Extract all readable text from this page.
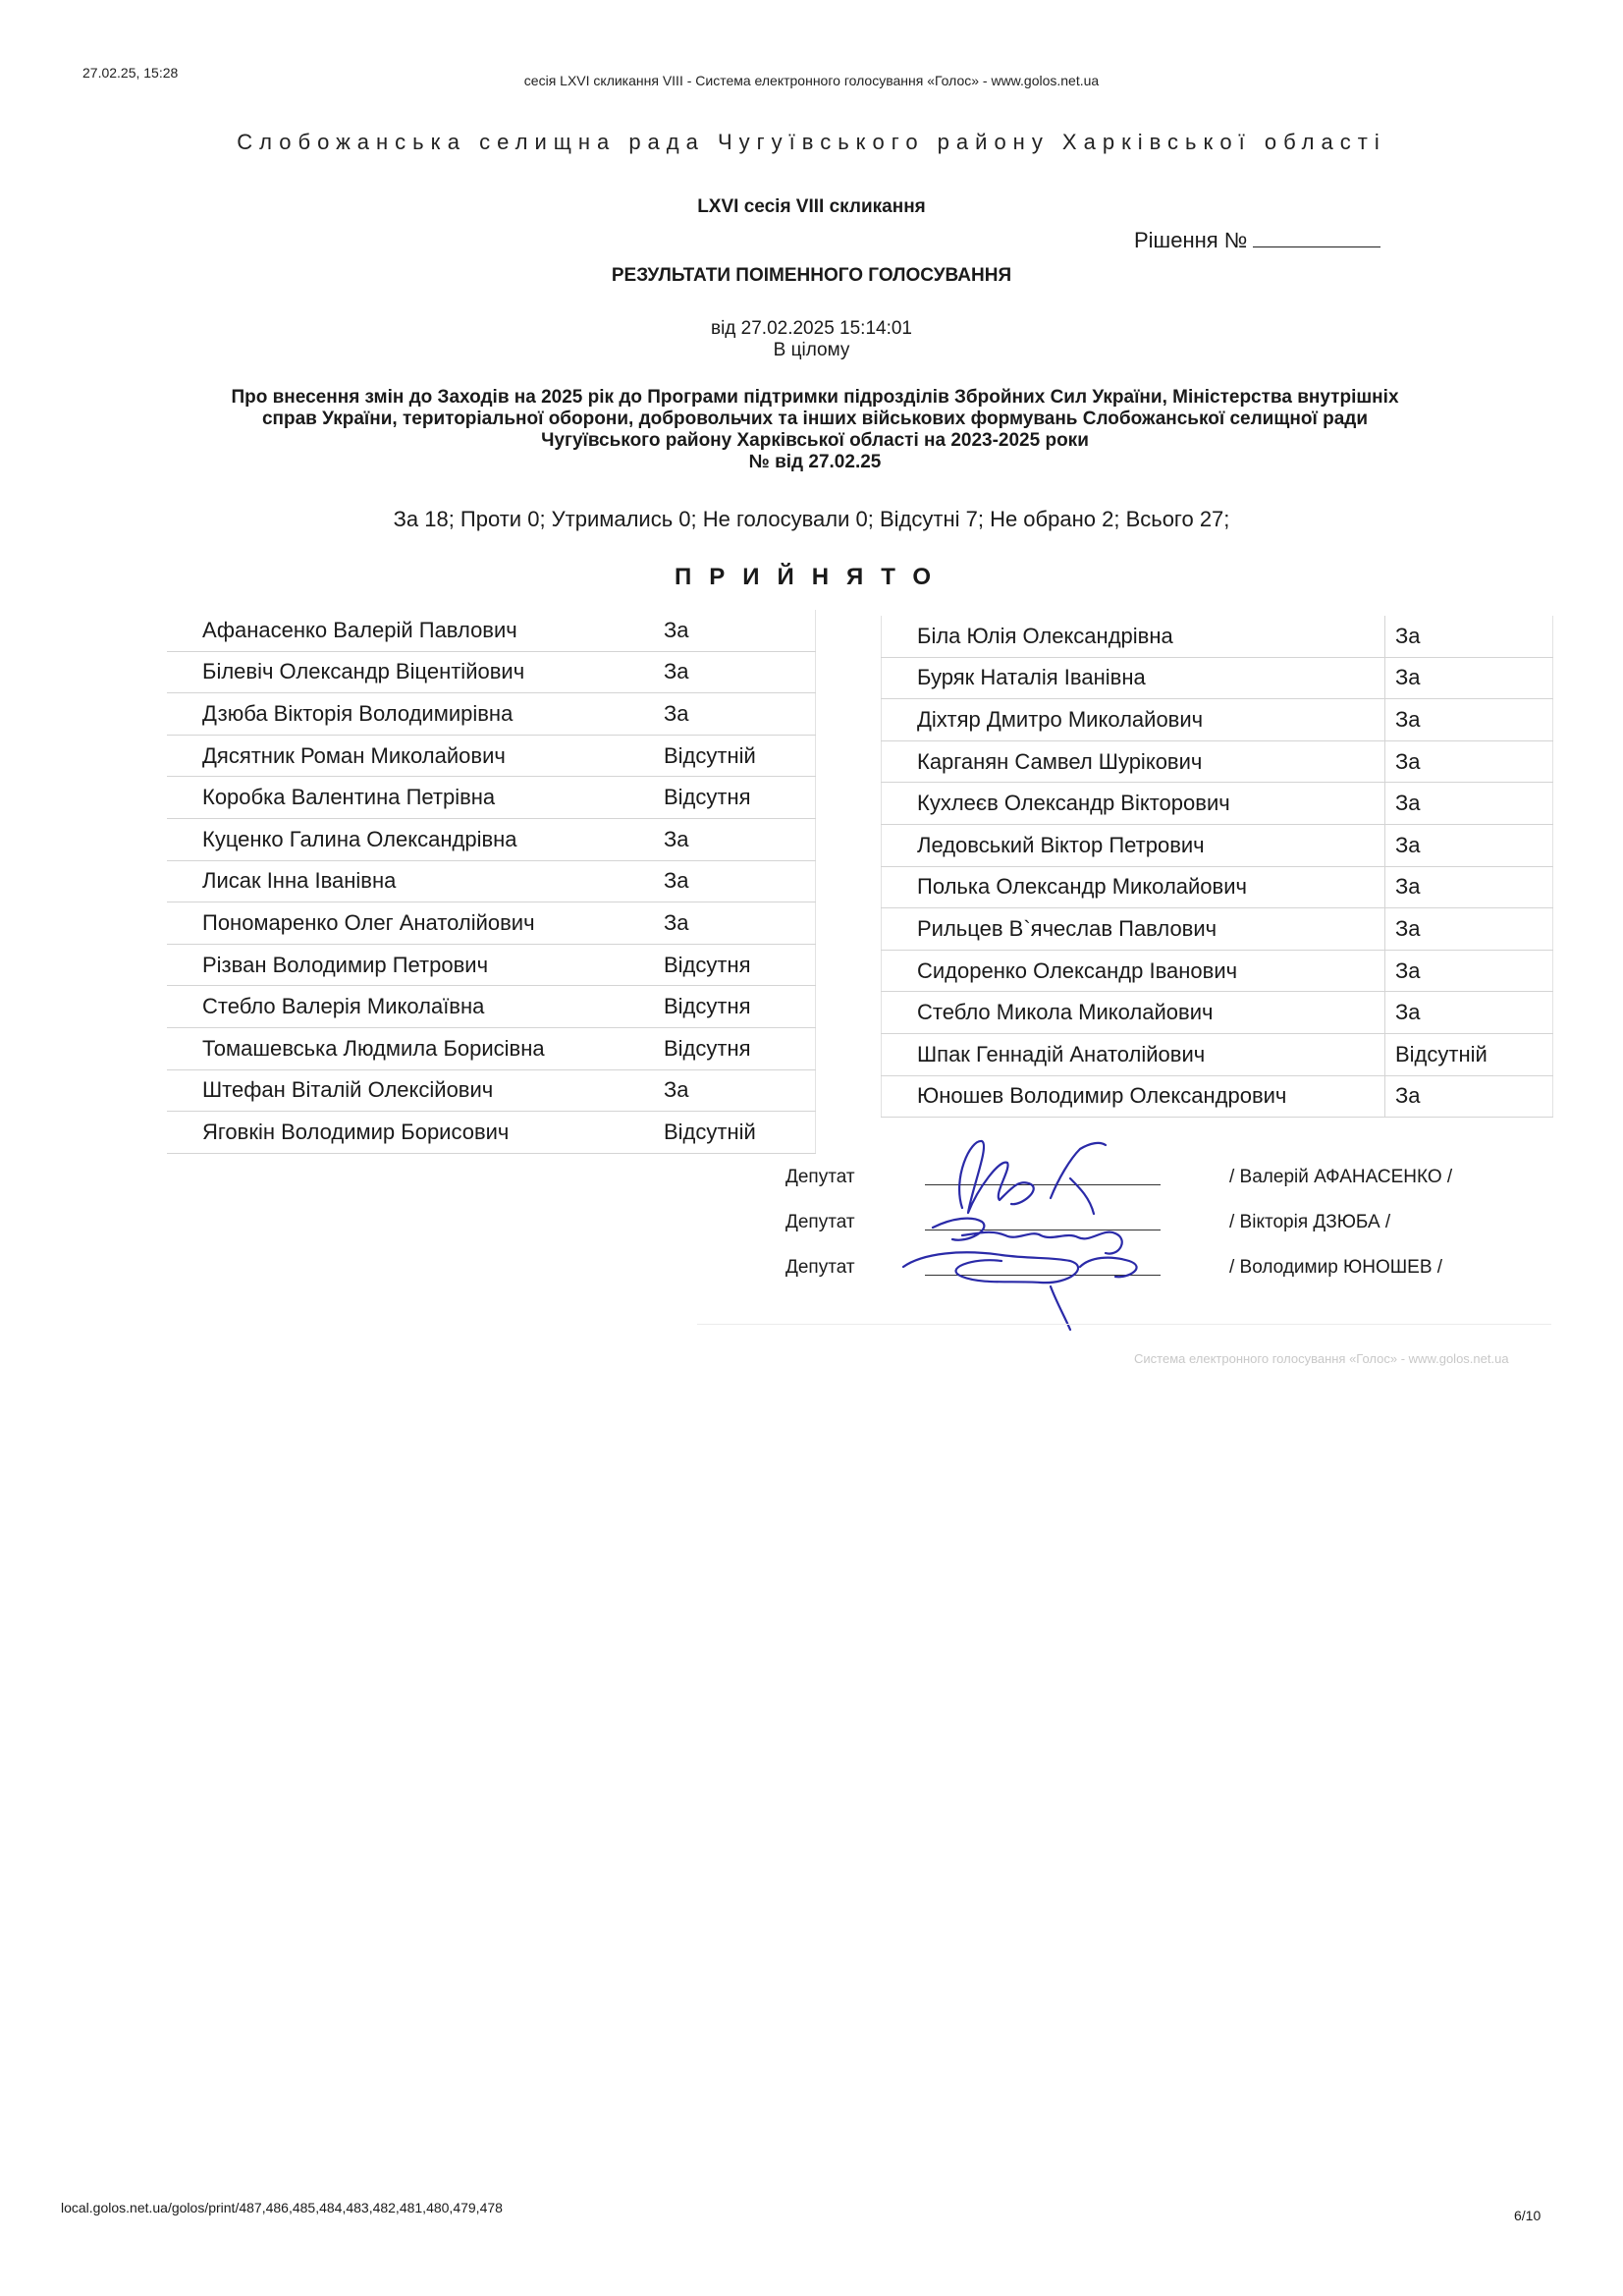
27.02.25, 15:28	сесія LXVI скликання VIII - Система електронного голосування «Голос» - www.golos.net.ua
Слобожанська селищна рада Чугуївського району Харківської області
LXVI сесія VIII скликання
Рішення №
РЕЗУЛЬТАТИ ПОІМЕННОГО ГОЛОСУВАННЯ
від 27.02.2025 15:14:01
В цілому
Про внесення змін до Заходів на 2025 рік до Програми підтримки підрозділів Збройних Сил України, Міністерства внутрішніх
справ України, територіальної оборони, добровольчих та інших військових формувань Слобожанської селищної ради
Чугуївського району Харківської області на 2023-2025 роки
№ від 27.02.25
За 18; Проти 0; Утримались 0; Не голосували 0; Відсутні 7; Не обрано 2; Всього 27;
ПРИЙНЯТО
Афанасенко Валерій Павлович	За
Білевіч Олександр Віцентійович	За
Дзюба Вікторія Володимирівна	За
Дясятник Роман Миколайович	Відсутній
Коробка Валентина Петрівна	Відсутня
Куценко Галина Олександрівна	За
Лисак Інна Іванівна	За
Пономаренко Олег Анатолійович	За
Різван Володимир Петрович	Відсутня
Стебло Валерія Миколаївна	Відсутня
Томашевська Людмила Борисівна	Відсутня
Штефан Віталій Олексійович	За
Яговкін Володимир Борисович	Відсутній
Біла Юлія Олександрівна	За
Буряк Наталія Іванівна	За
Діхтяр Дмитро Миколайович	За
Карганян Самвел Шурікович	За
Кухлеєв Олександр Вікторович	За
Ледовський Віктор Петрович	За
Полька Олександр Миколайович	За
Рильцев В`ячеслав Павлович	За
Сидоренко Олександр Іванович	За
Стебло Микола Миколайович	За
Шпак Геннадій Анатолійович	Відсутній
Юношев Володимир Олександрович	За
Депутат	/ Валерій АФАНАСЕНКО /
Депутат	/ Вікторія ДЗЮБА /
Депутат	/ Володимир ЮНОШЕВ /
Система електронного голосування «Голос» - www.golos.net.ua
local.golos.net.ua/golos/print/487,486,485,484,483,482,481,480,479,478	6/10
